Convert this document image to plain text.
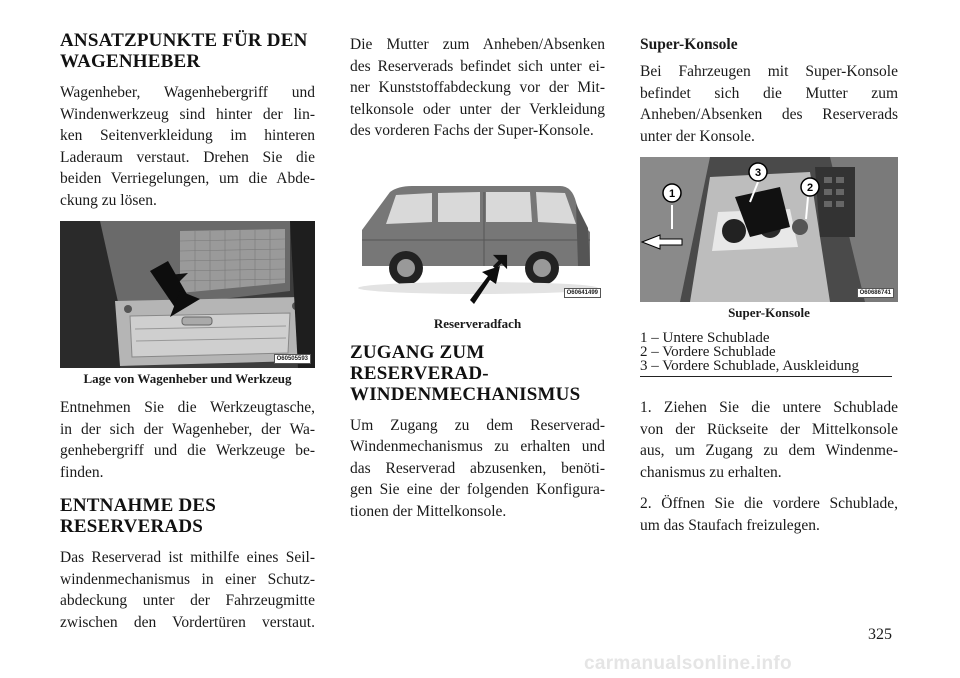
ANSATZPUNKTE FÜR DEN
WAGENHEBER

Wagenheber, Wagenhebergriff und
Windenwerkzeug sind hinter der lin-
ken Seitenverkleidung im hinteren
Laderaum verstaut. Drehen Sie die
beiden Verriegelungen, um die Abde-
ckung zu lösen.

O60505593
Lage von Wagenheber und Werkzeug

Entnehmen Sie die Werkzeugtasche,
in der sich der Wagenheber, der Wa-
genhebergriff und die Werkzeuge be-
finden.

ENTNAHME DES
RESERVERADS

Das Reserverad ist mithilfe eines Seil-
windenmechanismus in einer Schutz-
abdeckung unter der Fahrzeugmitte
zwischen den Vordertüren verstaut.

Die Mutter zum Anheben/Absenken
des Reserverads befindet sich unter ei-
ner Kunststoffabdeckung vor der Mit-
telkonsole oder unter der Verkleidung
des vorderen Fachs der Super-Konsole.

O60641499
Reserveradfach
ZUGANG ZUM
RESERVERAD-
WINDENMECHANISMUS

Um Zugang zu dem Reserverad-
Windenmechanismus zu erhalten und
das Reserverad abzusenken, benöti-
gen Sie eine der folgenden Konfigura-
tionen der Mittelkonsole.

Super-Konsole

Bei Fahrzeugen mit Super-Konsole
befindet sich die Mutter zum
Anheben/Absenken des Reserverads
unter der Konsole.

1
3
2
O60686741
Super-Konsole
1 – Untere Schublade
2 – Vordere Schublade
3 – Vordere Schublade, Auskleidung

1. Ziehen Sie die untere Schublade
von der Rückseite der Mittelkonsole
aus, um Zugang zu dem Windenme-
chanismus zu erhalten.

2. Öffnen Sie die vordere Schublade,
um das Staufach freizulegen.

325
carmanualsonline.info
